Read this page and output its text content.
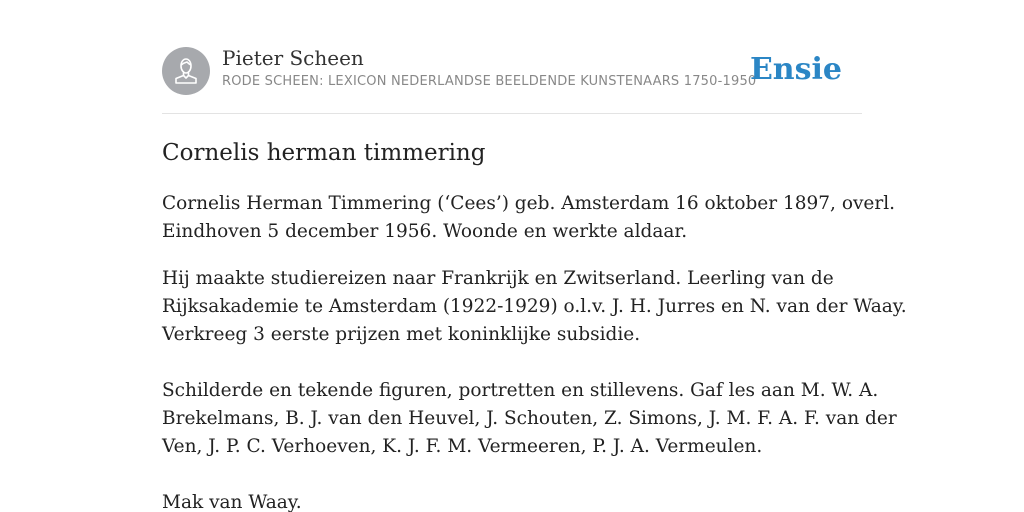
Pieter Scheen
RODE SCHEEN: LEXICON NEDERLANDSE BEELDENDE KUNSTENAARS 1750-1950
Ensie
Cornelis herman timmering

Cornelis Herman Timmering (‘Cees’) geb. Amsterdam 16 oktober 1897, overl.
Eindhoven 5 december 1956. Woonde en werkte aldaar.

Hij maakte studiereizen naar Frankrijk en Zwitserland. Leerling van de
Rijksakademie te Amsterdam (1922-1929) o.l.v. J. H. Jurres en N. van der Waay.
Verkreeg 3 eerste prijzen met koninklijke subsidie.
Schilderde en tekende figuren, portretten en stillevens. Gaf les aan M. W. A.
Brekelmans, B. J. van den Heuvel, J. Schouten, Z. Simons, J. M. F. A. F. van der
Ven, J. P. C. Verhoeven, K. J. F. M. Vermeeren, P. J. A. Vermeulen.
Mak van Waay.
